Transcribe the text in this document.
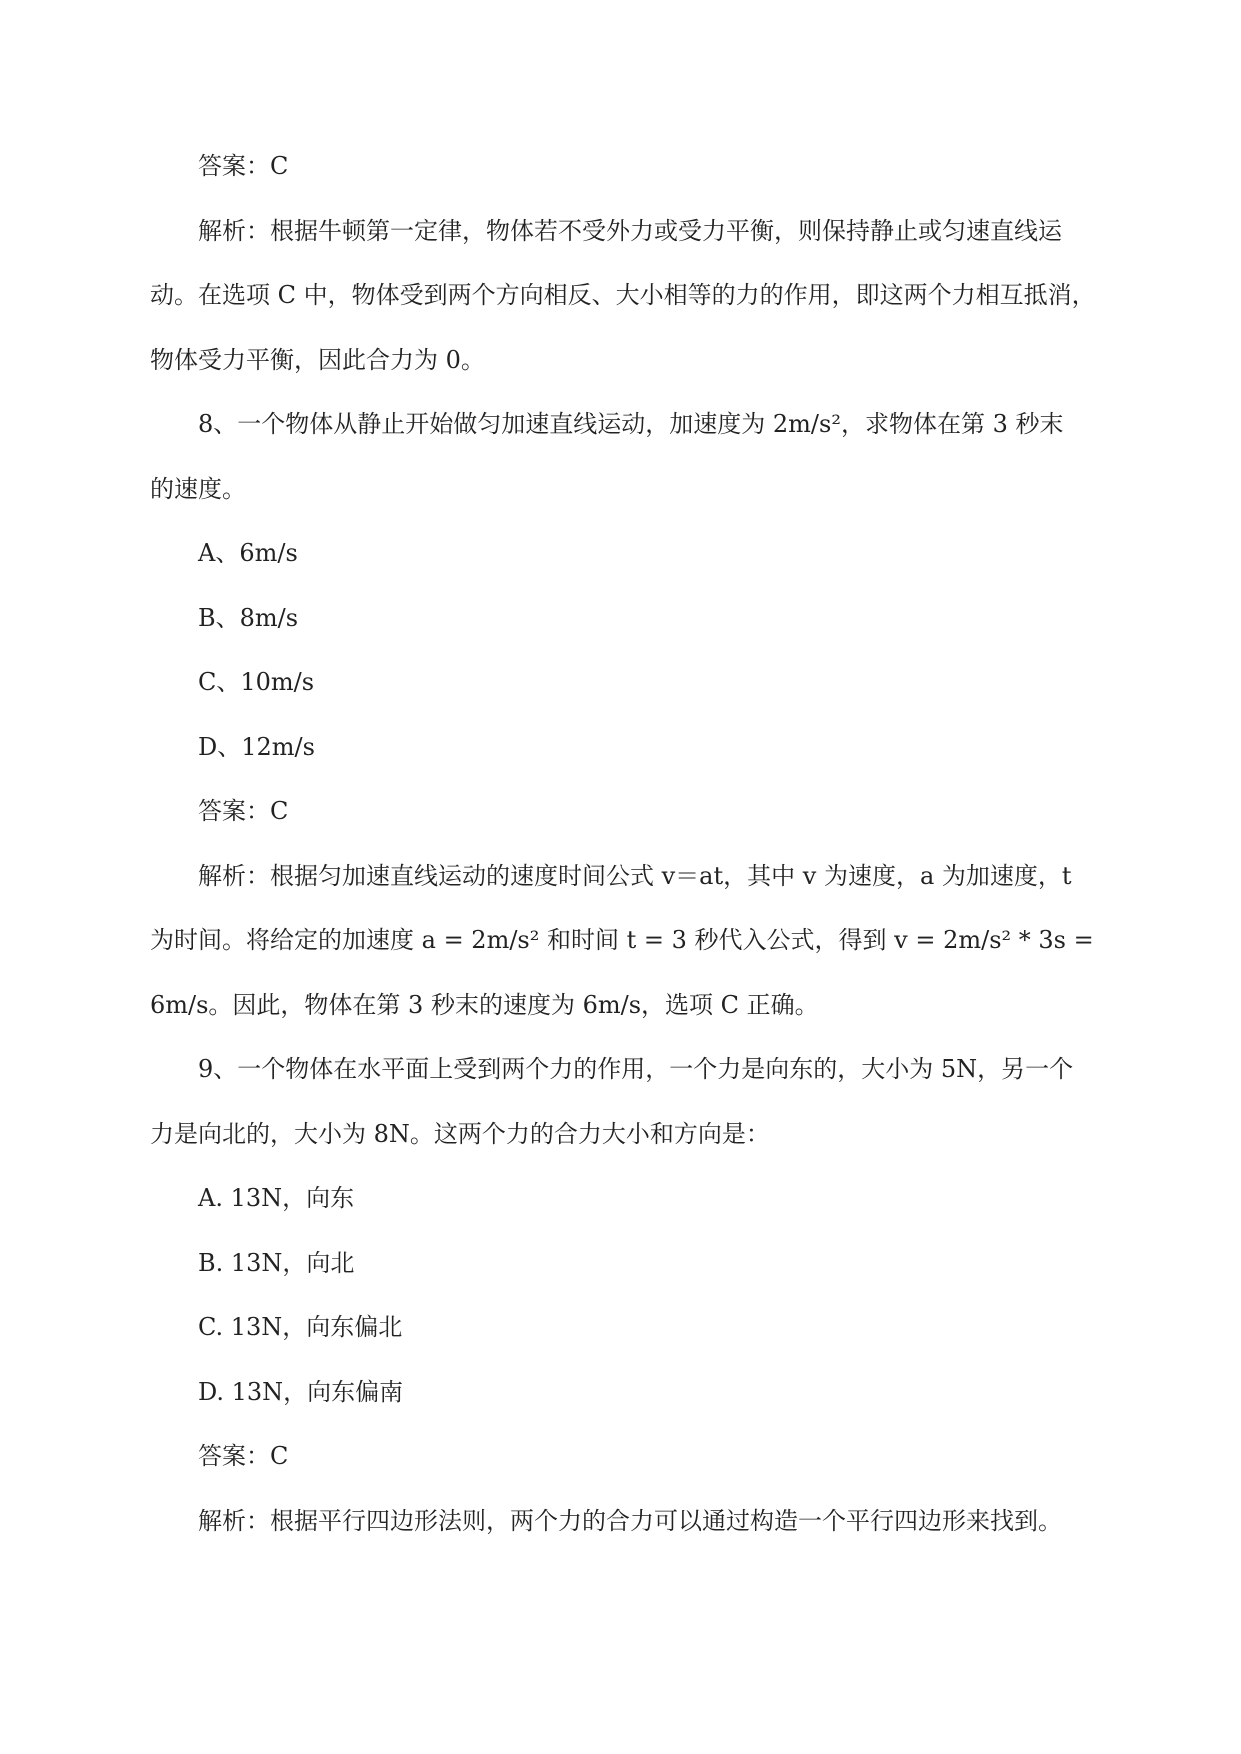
答案：C

解析：根据牛顿第一定律，物体若不受外力或受力平衡，则保持静止或匀速直线运

动。在选项 C 中，物体受到两个方向相反、大小相等的力的作用，即这两个力相互抵消，

物体受力平衡，因此合力为 0。

8、一个物体从静止开始做匀加速直线运动，加速度为 2m/s²，求物体在第 3 秒末

的速度。

A、6m/s

B、8m/s

C、10m/s

D、12m/s

答案：C

解析：根据匀加速直线运动的速度时间公式 v＝at，其中 v 为速度，a 为加速度，t

为时间。将给定的加速度 a = 2m/s² 和时间 t = 3 秒代入公式，得到 v = 2m/s² * 3s =

6m/s。因此，物体在第 3 秒末的速度为 6m/s，选项 C 正确。

9、一个物体在水平面上受到两个力的作用，一个力是向东的，大小为 5N，另一个

力是向北的，大小为 8N。这两个力的合力大小和方向是：

A. 13N，向东

B. 13N，向北

C. 13N，向东偏北

D. 13N，向东偏南

答案：C

解析：根据平行四边形法则，两个力的合力可以通过构造一个平行四边形来找到。
